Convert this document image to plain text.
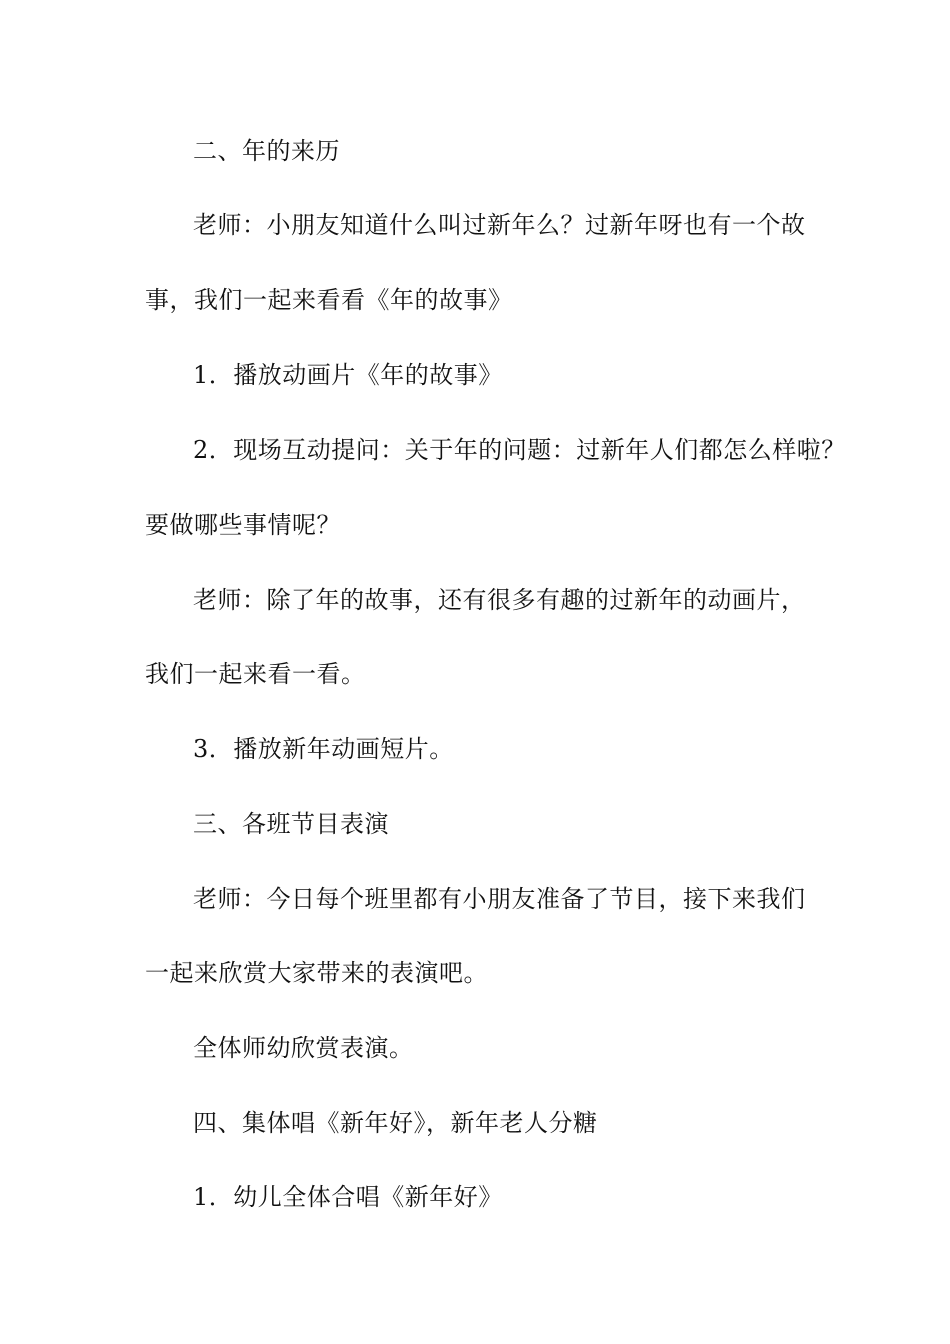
二、年的来历
老师：小朋友知道什么叫过新年么？过新年呀也有一个故
事，我们一起来看看《年的故事》
1．播放动画片《年的故事》
2．现场互动提问：关于年的问题：过新年人们都怎么样啦？
要做哪些事情呢？
老师：除了年的故事，还有很多有趣的过新年的动画片，
我们一起来看一看。
3．播放新年动画短片。
三、各班节目表演
老师：今日每个班里都有小朋友准备了节目，接下来我们
一起来欣赏大家带来的表演吧。
全体师幼欣赏表演。
四、集体唱《新年好》，新年老人分糖
1．幼儿全体合唱《新年好》
